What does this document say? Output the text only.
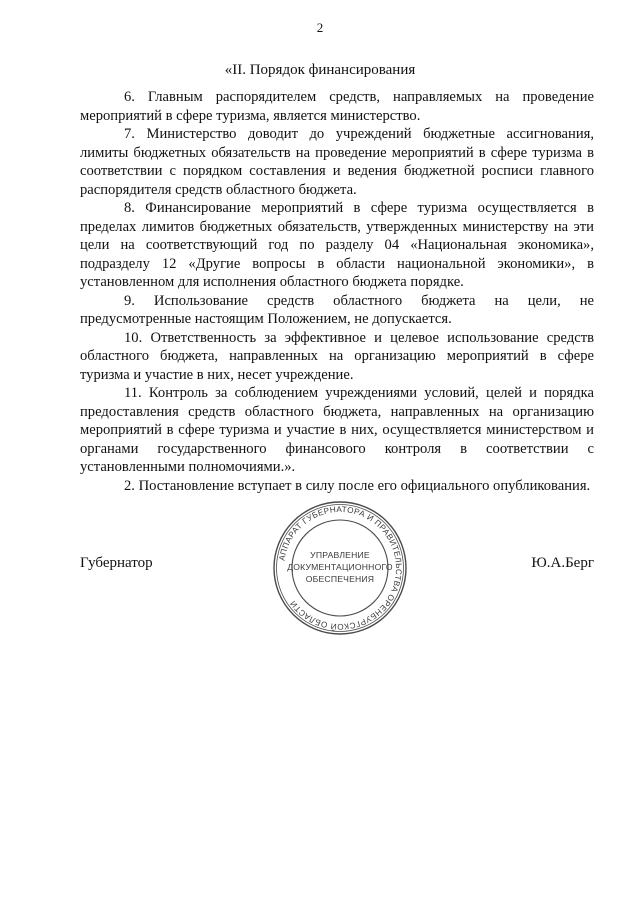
2
«II. Порядок финансирования

6. Главным распорядителем средств, направляемых на проведение мероприятий в сфере туризма, является министерство.

7. Министерство доводит до учреждений бюджетные ассигнования, лимиты бюджетных обязательств на проведение мероприятий в сфере туризма в соответствии с порядком составления и ведения бюджетной росписи главного распорядителя средств областного бюджета.

8. Финансирование мероприятий в сфере туризма осуществляется в пределах лимитов бюджетных обязательств, утвержденных министерству на эти цели на соответствующий год по разделу 04 «Национальная экономика», подразделу 12 «Другие вопросы в области национальной экономики», в установленном для исполнения областного бюджета порядке.

9. Использование средств областного бюджета на цели, не предусмотренные настоящим Положением, не допускается.

10. Ответственность за эффективное и целевое использование средств областного бюджета, направленных на организацию мероприятий в сфере туризма и участие в них, несет учреждение.

11. Контроль за соблюдением учреждениями условий, целей и порядка предоставления средств областного бюджета, направленных на организацию мероприятий в сфере туризма и участие в них, осуществляется министерством и органами государственного финансового контроля в соответствии с установленными полномочиями.».

2. Постановление вступает в силу после его официального опубликования.

АППАРАТ ГУБЕРНАТОРА И ПРАВИТЕЛЬСТВА ОРЕНБУРГСКОЙ ОБЛАСТИ
УПРАВЛЕНИЕ
ДОКУМЕНТАЦИОННОГО
ОБЕСПЕЧЕНИЯ
Губернатор	Ю.А.Берг
